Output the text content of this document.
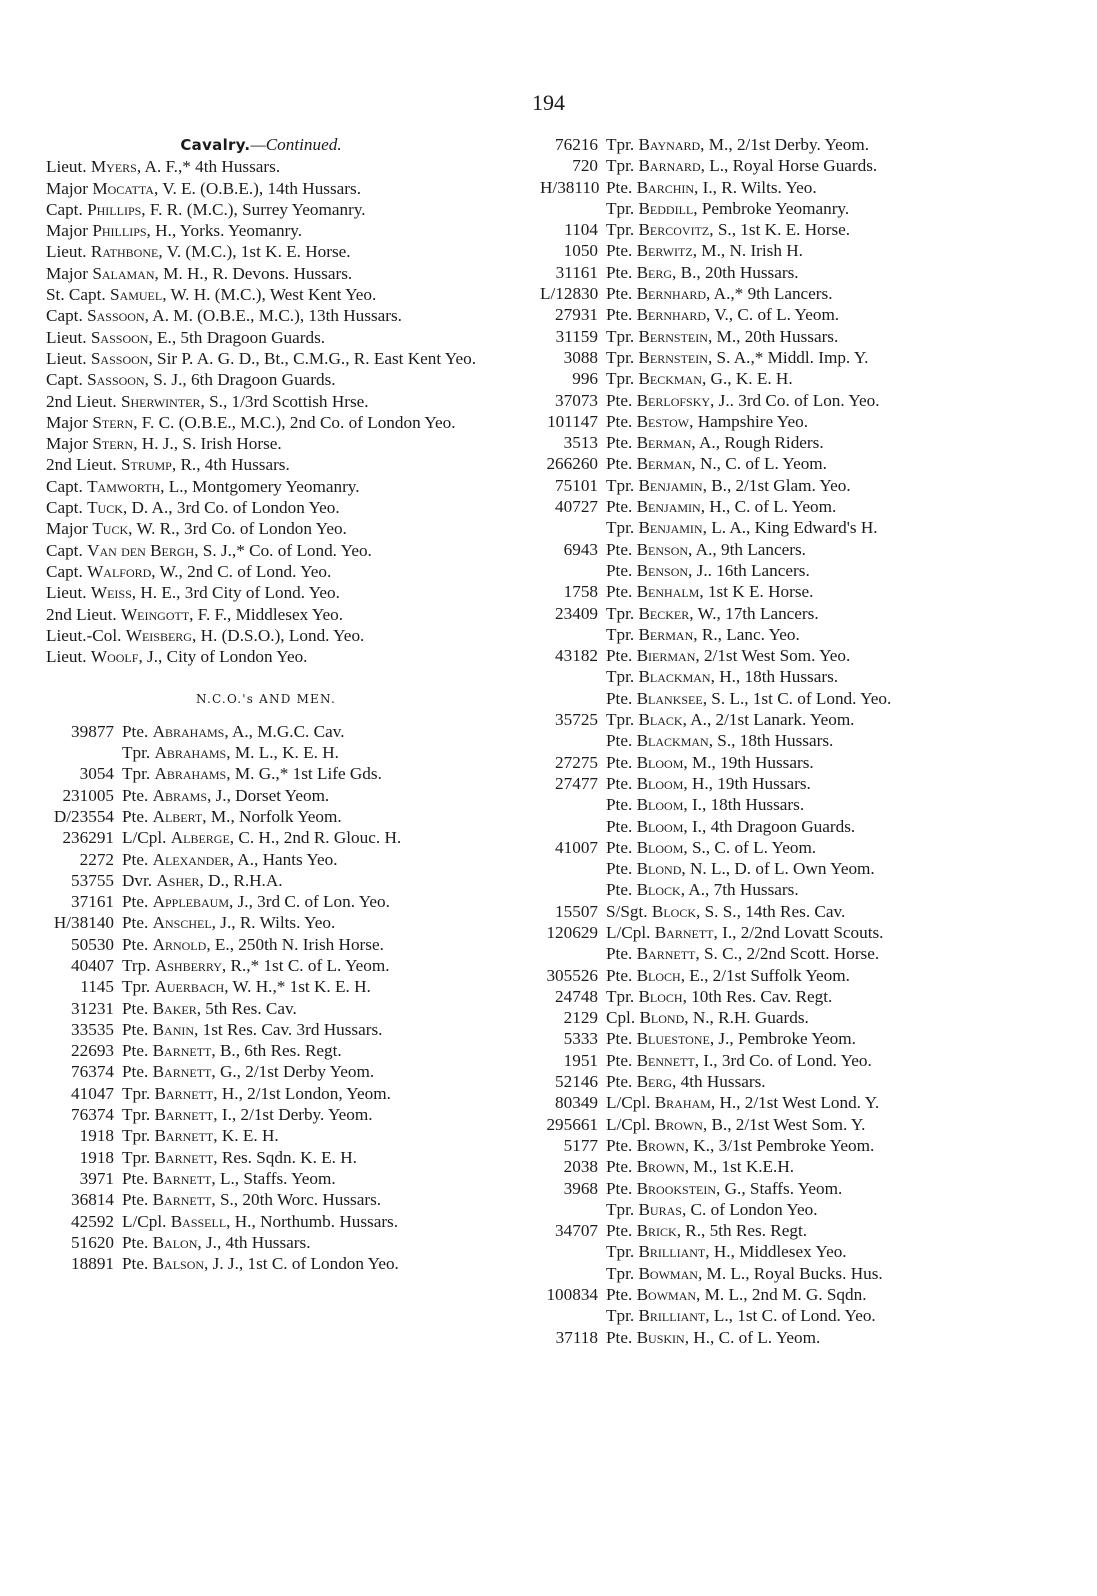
194
Cavalry.—Continued.
Lieut. Myers, A. F.,* 4th Hussars.
Major Mocatta, V. E. (O.B.E.), 14th Hussars.
Capt. Phillips, F. R. (M.C.), Surrey Yeomanry.
Major Phillips, H., Yorks. Yeomanry.
Lieut. Rathbone, V. (M.C.), 1st K. E. Horse.
Major Salaman, M. H., R. Devons. Hussars.
St. Capt. Samuel, W. H. (M.C.), West Kent Yeo.
Capt. Sassoon, A. M. (O.B.E., M.C.), 13th Hussars.
Lieut. Sassoon, E., 5th Dragoon Guards.
Lieut. Sassoon, Sir P. A. G. D., Bt., C.M.G., R. East Kent Yeo.
Capt. Sassoon, S. J., 6th Dragoon Guards.
2nd Lieut. Sherwinter, S., 1/3rd Scottish Hrse.
Major Stern, F. C. (O.B.E., M.C.), 2nd Co. of London Yeo.
Major Stern, H. J., S. Irish Horse.
2nd Lieut. Strump, R., 4th Hussars.
Capt. Tamworth, L., Montgomery Yeomanry.
Capt. Tuck, D. A., 3rd Co. of London Yeo.
Major Tuck, W. R., 3rd Co. of London Yeo.
Capt. Van den Bergh, S. J.,* Co. of Lond. Yeo.
Capt. Walford, W., 2nd C. of Lond. Yeo.
Lieut. Weiss, H. E., 3rd City of Lond. Yeo.
2nd Lieut. Weingott, F. F., Middlesex Yeo.
Lieut.-Col. Weisberg, H. (D.S.O.), Lond. Yeo.
Lieut. Woolf, J., City of London Yeo.
N.C.O.'s AND MEN.
39877 Pte. Abrahams, A., M.G.C. Cav.
Tpr. Abrahams, M. L., K. E. H.
3054 Tpr. Abrahams, M. G.,* 1st Life Gds.
231005 Pte. Abrams, J., Dorset Yeom.
D/23554 Pte. Albert, M., Norfolk Yeom.
236291 L/Cpl. Alberge, C. H., 2nd R. Glouc. H.
2272 Pte. Alexander, A., Hants Yeo.
53755 Dvr. Asher, D., R.H.A.
37161 Pte. Applebaum, J., 3rd C. of Lon. Yeo.
H/38140 Pte. Anschel, J., R. Wilts. Yeo.
50530 Pte. Arnold, E., 250th N. Irish Horse.
40407 Trp. Ashberry, R.,* 1st C. of L. Yeom.
1145 Tpr. Auerbach, W. H.,* 1st K. E. H.
31231 Pte. Baker, 5th Res. Cav.
33535 Pte. Banin, 1st Res. Cav. 3rd Hussars.
22693 Pte. Barnett, B., 6th Res. Regt.
76374 Pte. Barnett, G., 2/1st Derby Yeom.
41047 Tpr. Barnett, H., 2/1st London, Yeom.
76374 Tpr. Barnett, I., 2/1st Derby. Yeom.
1918 Tpr. Barnett, K. E. H.
1918 Tpr. Barnett, Res. Sqdn. K. E. H.
3971 Pte. Barnett, L., Staffs. Yeom.
36814 Pte. Barnett, S., 20th Worc. Hussars.
42592 L/Cpl. Bassell, H., Northumb. Hussars.
51620 Pte. Balon, J., 4th Hussars.
18891 Pte. Balson, J. J., 1st C. of London Yeo.
76216 Tpr. Baynard, M., 2/1st Derby. Yeom.
720 Tpr. Barnard, L., Royal Horse Guards.
H/38110 Pte. Barchin, I., R. Wilts. Yeo.
Tpr. Beddill, Pembroke Yeomanry.
1104 Tpr. Bercovitz, S., 1st K. E. Horse.
1050 Pte. Berwitz, M., N. Irish H.
31161 Pte. Berg, B., 20th Hussars.
L/12830 Pte. Bernhard, A.,* 9th Lancers.
27931 Pte. Bernhard, V., C. of L. Yeom.
31159 Tpr. Bernstein, M., 20th Hussars.
3088 Tpr. Bernstein, S. A.,* Middl. Imp. Y.
996 Tpr. Beckman, G., K. E. H.
37073 Pte. Berlofsky, J.. 3rd Co. of Lon. Yeo.
101147 Pte. Bestow, Hampshire Yeo.
3513 Pte. Berman, A., Rough Riders.
266260 Pte. Berman, N., C. of L. Yeom.
75101 Tpr. Benjamin, B., 2/1st Glam. Yeo.
40727 Pte. Benjamin, H., C. of L. Yeom.
Tpr. Benjamin, L. A., King Edward's H.
6943 Pte. Benson, A., 9th Lancers.
Pte. Benson, J.. 16th Lancers.
1758 Pte. Benhalm, 1st K E. Horse.
23409 Tpr. Becker, W., 17th Lancers.
Tpr. Berman, R., Lanc. Yeo.
43182 Pte. Bierman, 2/1st West Som. Yeo.
Tpr. Blackman, H., 18th Hussars.
Pte. Blanksee, S. L., 1st C. of Lond. Yeo.
35725 Tpr. Black, A., 2/1st Lanark. Yeom.
Pte. Blackman, S., 18th Hussars.
27275 Pte. Bloom, M., 19th Hussars.
27477 Pte. Bloom, H., 19th Hussars.
Pte. Bloom, I., 18th Hussars.
Pte. Bloom, I., 4th Dragoon Guards.
41007 Pte. Bloom, S., C. of L. Yeom.
Pte. Blond, N. L., D. of L. Own Yeom.
Pte. Block, A., 7th Hussars.
15507 S/Sgt. Block, S. S., 14th Res. Cav.
120629 L/Cpl. Barnett, I., 2/2nd Lovatt Scouts.
Pte. Barnett, S. C., 2/2nd Scott. Horse.
305526 Pte. Bloch, E., 2/1st Suffolk Yeom.
24748 Tpr. Bloch, 10th Res. Cav. Regt.
2129 Cpl. Blond, N., R.H. Guards.
5333 Pte. Bluestone, J., Pembroke Yeom.
1951 Pte. Bennett, I., 3rd Co. of Lond. Yeo.
52146 Pte. Berg, 4th Hussars.
80349 L/Cpl. Braham, H., 2/1st West Lond. Y.
295661 L/Cpl. Brown, B., 2/1st West Som. Y.
5177 Pte. Brown, K., 3/1st Pembroke Yeom.
2038 Pte. Brown, M., 1st K.E.H.
3968 Pte. Brookstein, G., Staffs. Yeom.
Tpr. Buras, C. of London Yeo.
34707 Pte. Brick, R., 5th Res. Regt.
Tpr. Brilliant, H., Middlesex Yeo.
Tpr. Bowman, M. L., Royal Bucks. Hus.
100834 Pte. Bowman, M. L., 2nd M. G. Sqdn.
Tpr. Brilliant, L., 1st C. of Lond. Yeo.
37118 Pte. Buskin, H., C. of L. Yeom.
